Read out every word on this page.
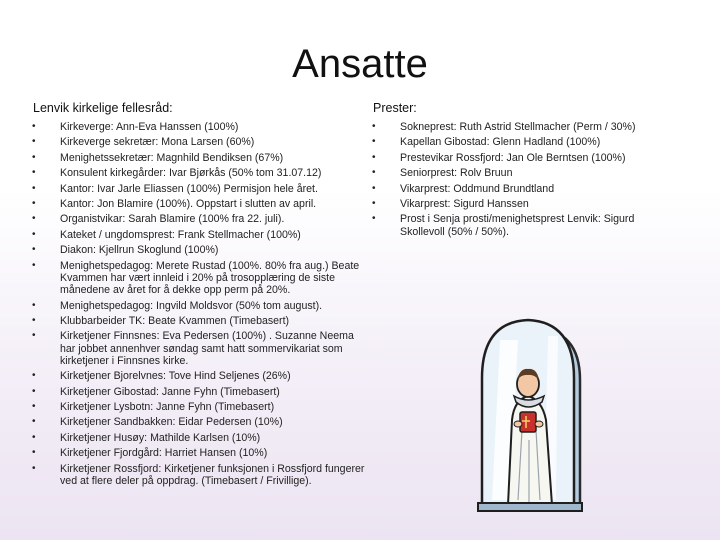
Ansatte
Lenvik kirkelige fellesråd:
• Kirkeverge: Ann-Eva Hanssen (100%)
• Kirkeverge sekretær: Mona Larsen (60%)
• Menighetssekretær: Magnhild Bendiksen (67%)
• Konsulent kirkegårder: Ivar Bjørkås (50% tom 31.07.12)
• Kantor: Ivar Jarle Eliassen (100%) Permisjon hele året.
• Kantor: Jon Blamire (100%). Oppstart i slutten av april.
• Organistvikar: Sarah Blamire (100% fra 22. juli).
• Kateket / ungdomsprest: Frank Stellmacher (100%)
• Diakon: Kjellrun Skoglund (100%)
• Menighetspedagog: Merete Rustad (100%. 80% fra aug.) Beate Kvammen har vært innleid i 20% på trosopplæring de siste månedene av året for å dekke opp perm på 20%.
• Menighetspedagog: Ingvild Moldsvor (50% tom august).
• Klubbarbeider TK: Beate Kvammen (Timebasert)
• Kirketjener Finnsnes: Eva Pedersen (100%) . Suzanne Neema har jobbet annenhver søndag samt hatt sommervikariat som kirketjener i Finnsnes kirke.
• Kirketjener Bjorelvnes: Tove Hind Seljenes (26%)
• Kirketjener Gibostad: Janne Fyhn (Timebasert)
• Kirketjener Lysbotn: Janne Fyhn (Timebasert)
• Kirketjener Sandbakken: Eidar Pedersen (10%)
• Kirketjener Husøy: Mathilde Karlsen (10%)
• Kirketjener Fjordgård: Harriet Hansen (10%)
• Kirketjener Rossfjord: Kirketjener funksjonen i Rossfjord fungerer ved at flere deler på oppdrag. (Timebasert / Frivillige).
Prester:
• Sokneprest: Ruth Astrid Stellmacher (Perm / 30%)
• Kapellan Gibostad: Glenn Hadland (100%)
• Prestevikar Rossfjord: Jan Ole Berntsen (100%)
• Seniorprest: Rolv Bruun
• Vikarprest: Oddmund Brundtland
• Vikarprest: Sigurd Hanssen
• Prost i Senja prosti/menighetsprest Lenvik: Sigurd Skollevoll (50% / 50%).
